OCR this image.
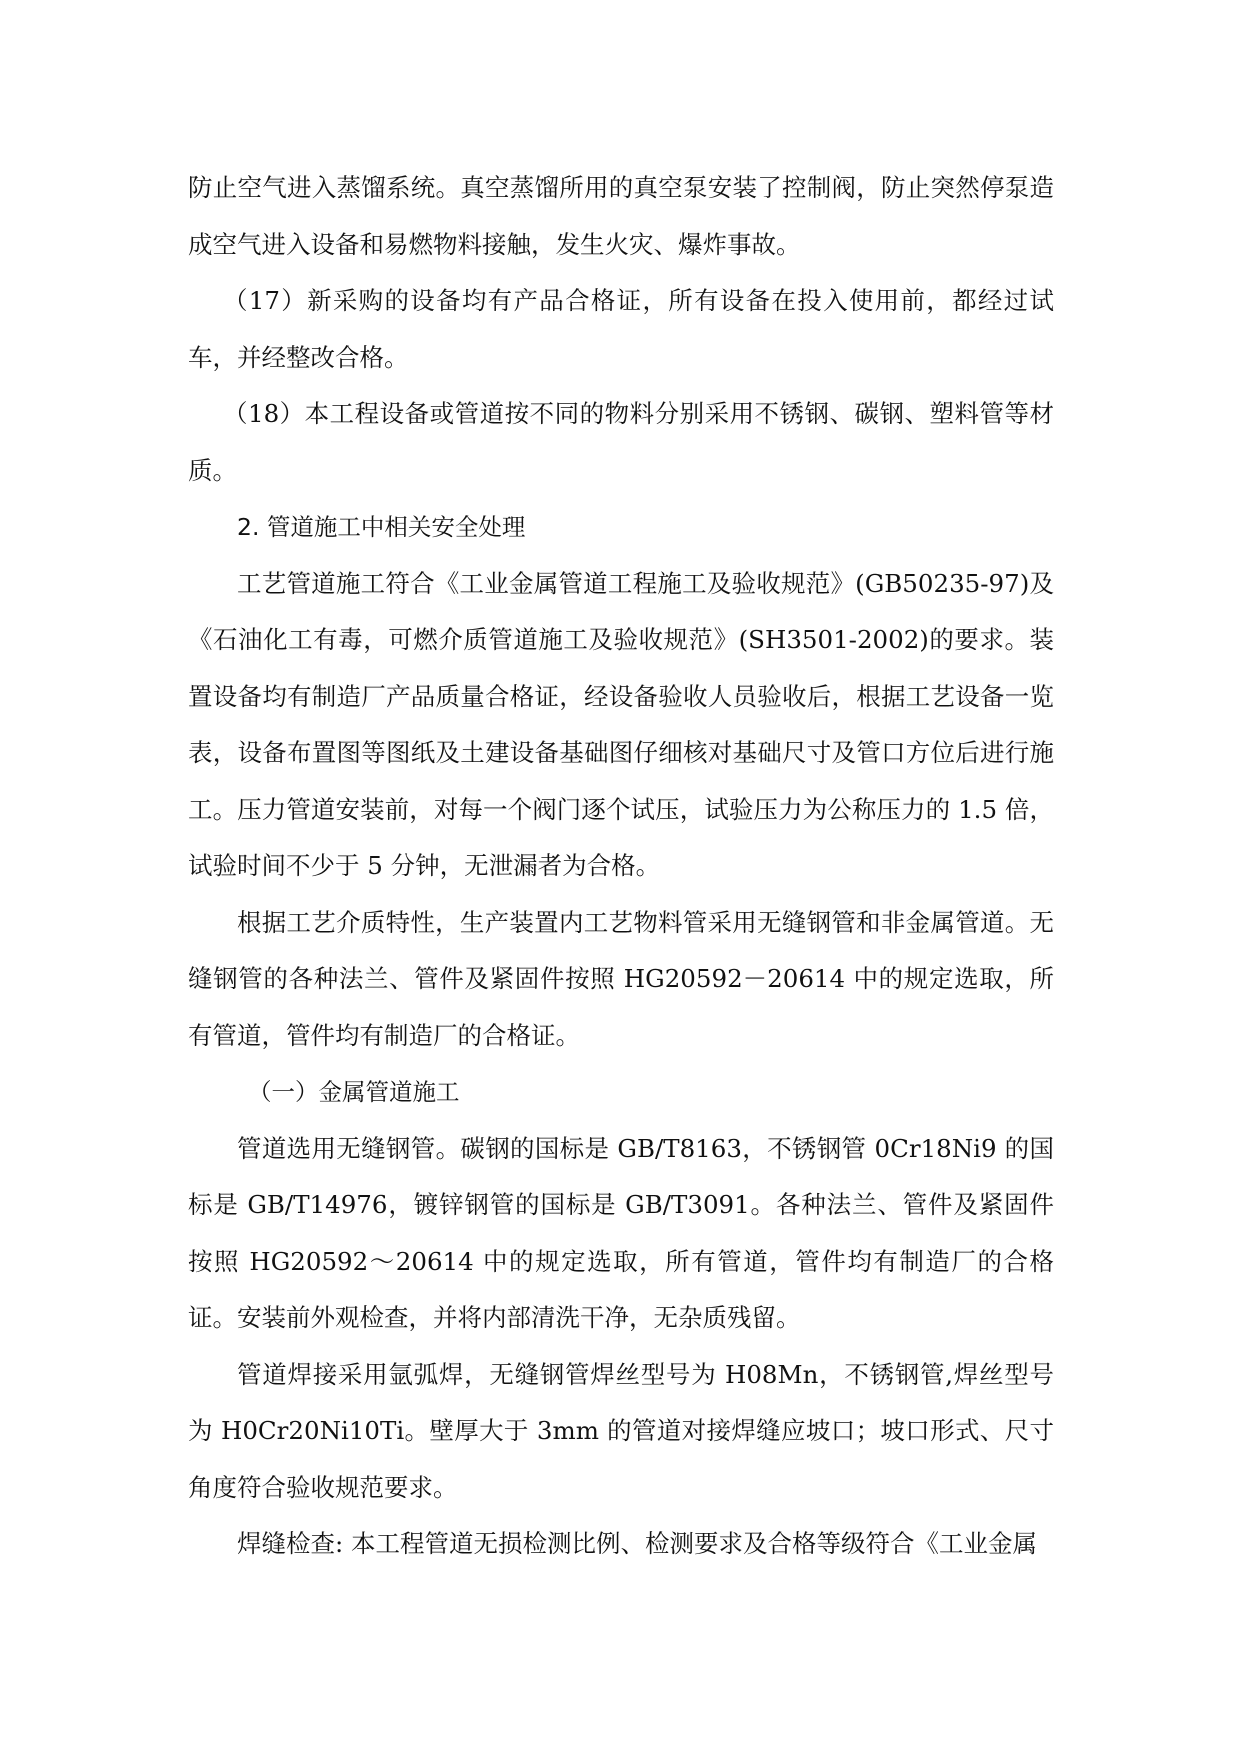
防止空气进入蒸馏系统。真空蒸馏所用的真空泵安装了控制阀，防止突然停泵造成空气进入设备和易燃物料接触，发生火灾、爆炸事故。

（17）新采购的设备均有产品合格证，所有设备在投入使用前，都经过试车，并经整改合格。

（18）本工程设备或管道按不同的物料分别采用不锈钢、碳钢、塑料管等材质。

2. 管道施工中相关安全处理

工艺管道施工符合《工业金属管道工程施工及验收规范》(GB50235-97)及《石油化工有毒，可燃介质管道施工及验收规范》(SH3501-2002)的要求。装置设备均有制造厂产品质量合格证，经设备验收人员验收后，根据工艺设备一览表，设备布置图等图纸及土建设备基础图仔细核对基础尺寸及管口方位后进行施工。压力管道安装前，对每一个阀门逐个试压，试验压力为公称压力的 1.5 倍，试验时间不少于 5 分钟，无泄漏者为合格。

根据工艺介质特性，生产装置内工艺物料管采用无缝钢管和非金属管道。无缝钢管的各种法兰、管件及紧固件按照 HG20592－20614 中的规定选取，所有管道，管件均有制造厂的合格证。

（一）金属管道施工

管道选用无缝钢管。碳钢的国标是 GB/T8163，不锈钢管 0Cr18Ni9 的国标是 GB/T14976，镀锌钢管的国标是 GB/T3091。各种法兰、管件及紧固件按照 HG20592～20614 中的规定选取，所有管道，管件均有制造厂的合格证。安装前外观检查，并将内部清洗干净，无杂质残留。

管道焊接采用氩弧焊，无缝钢管焊丝型号为 H08Mn，不锈钢管,焊丝型号为 H0Cr20Ni10Ti。壁厚大于 3mm 的管道对接焊缝应坡口；坡口形式、尺寸角度符合验收规范要求。

焊缝检查: 本工程管道无损检测比例、检测要求及合格等级符合《工业金属
